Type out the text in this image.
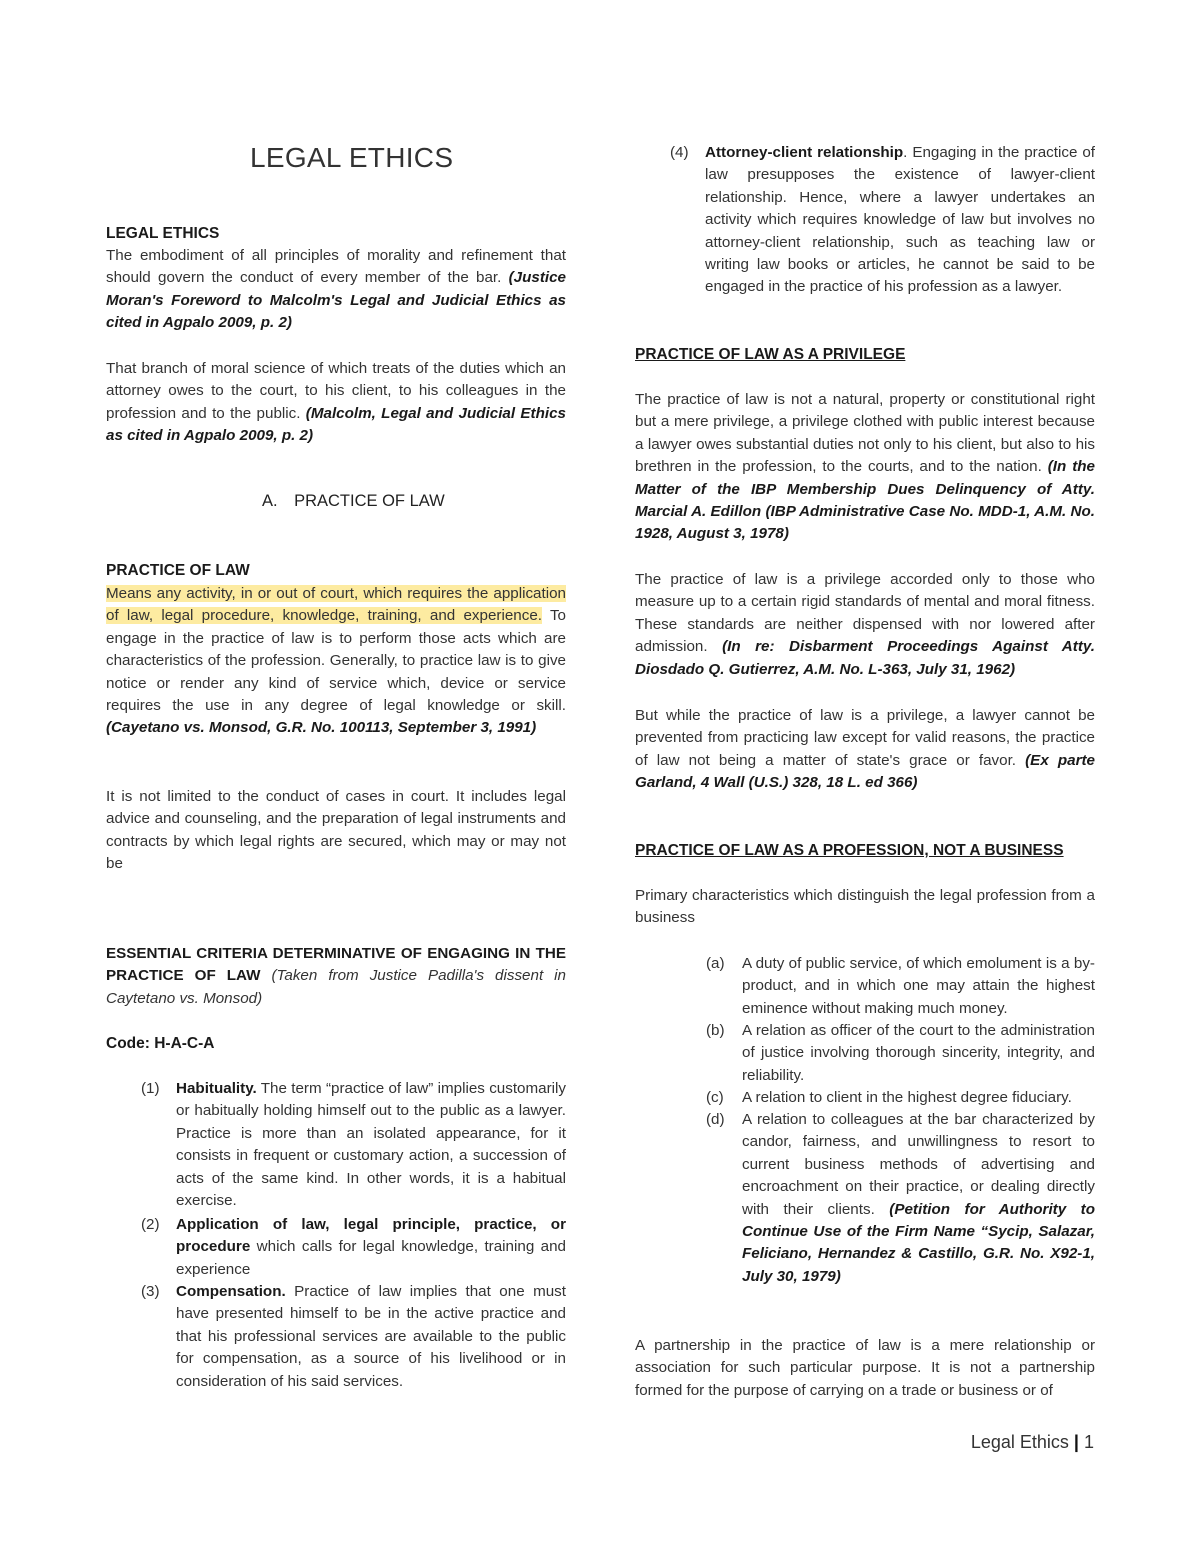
LEGAL ETHICS
LEGAL ETHICS

The embodiment of all principles of morality and refinement that should govern the conduct of every member of the bar. (Justice Moran's Foreword to Malcolm's Legal and Judicial Ethics as cited in Agpalo 2009, p. 2)

That branch of moral science of which treats of the duties which an attorney owes to the court, to his client, to his colleagues in the profession and to the public. (Malcolm, Legal and Judicial Ethics as cited in Agpalo 2009, p. 2)

A. PRACTICE OF LAW
PRACTICE OF LAW

Means any activity, in or out of court, which requires the application of law, legal procedure, knowledge, training, and experience. To engage in the practice of law is to perform those acts which are characteristics of the profession. Generally, to practice law is to give notice or render any kind of service which, device or service requires the use in any degree of legal knowledge or skill. (Cayetano vs. Monsod, G.R. No. 100113, September 3, 1991)

It is not limited to the conduct of cases in court. It includes legal advice and counseling, and the preparation of legal instruments and contracts by which legal rights are secured, which may or may not be

ESSENTIAL CRITERIA DETERMINATIVE OF ENGAGING IN THE PRACTICE OF LAW (Taken from Justice Padilla's dissent in Caytetano vs. Monsod)

Code: H-A-C-A
(1) Habituality. The term “practice of law” implies customarily or habitually holding himself out to the public as a lawyer. Practice is more than an isolated appearance, for it consists in frequent or customary action, a succession of acts of the same kind. In other words, it is a habitual exercise.

(2) Application of law, legal principle, practice, or procedure which calls for legal knowledge, training and experience

(3) Compensation. Practice of law implies that one must have presented himself to be in the active practice and that his professional services are available to the public for compensation, as a source of his livelihood or in consideration of his said services.

(4) Attorney-client relationship. Engaging in the practice of law presupposes the existence of lawyer-client relationship. Hence, where a lawyer undertakes an activity which requires knowledge of law but involves no attorney-client relationship, such as teaching law or writing law books or articles, he cannot be said to be engaged in the practice of his profession as a lawyer.

PRACTICE OF LAW AS A PRIVILEGE

The practice of law is not a natural, property or constitutional right but a mere privilege, a privilege clothed with public interest because a lawyer owes substantial duties not only to his client, but also to his brethren in the profession, to the courts, and to the nation. (In the Matter of the IBP Membership Dues Delinquency of Atty. Marcial A. Edillon (IBP Administrative Case No. MDD-1, A.M. No. 1928, August 3, 1978)

The practice of law is a privilege accorded only to those who measure up to a certain rigid standards of mental and moral fitness. These standards are neither dispensed with nor lowered after admission. (In re: Disbarment Proceedings Against Atty. Diosdado Q. Gutierrez, A.M. No. L-363, July 31, 1962)

But while the practice of law is a privilege, a lawyer cannot be prevented from practicing law except for valid reasons, the practice of law not being a matter of state's grace or favor. (Ex parte Garland, 4 Wall (U.S.) 328, 18 L. ed 366)

PRACTICE OF LAW AS A PROFESSION, NOT A BUSINESS

Primary characteristics which distinguish the legal profession from a business

(a) A duty of public service, of which emolument is a by-product, and in which one may attain the highest eminence without making much money.

(b) A relation as officer of the court to the administration of justice involving thorough sincerity, integrity, and reliability.

(c) A relation to client in the highest degree fiduciary.

(d) A relation to colleagues at the bar characterized by candor, fairness, and unwillingness to resort to current business methods of advertising and encroachment on their practice, or dealing directly with their clients. (Petition for Authority to Continue Use of the Firm Name “Sycip, Salazar, Feliciano, Hernandez & Castillo, G.R. No. X92-1, July 30, 1979)

A partnership in the practice of law is a mere relationship or association for such particular purpose. It is not a partnership formed for the purpose of carrying on a trade or business or of

Legal Ethics | 1
